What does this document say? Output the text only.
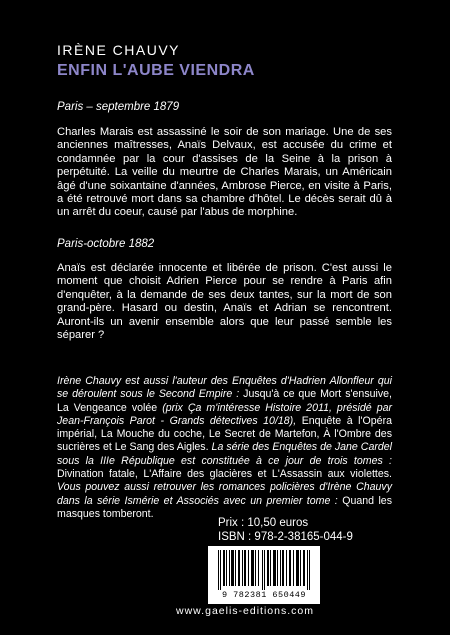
IRÈNE CHAUVY
ENFIN L'AUBE VIENDRA

Paris – septembre 1879

Charles Marais est assassiné le soir de son mariage. Une de ses anciennes maîtresses, Anaïs Delvaux, est accusée du crime et condamnée par la cour d'assises de la Seine à la prison à perpétuité. La veille du meurtre de Charles Marais, un Américain âgé d'une soixantaine d'années, Ambrose Pierce, en visite à Paris, a été retrouvé mort dans sa chambre d'hôtel. Le décès serait dû à un arrêt du coeur, causé par l'abus de morphine.

Paris-octobre 1882

Anaïs est déclarée innocente et libérée de prison. C'est aussi le moment que choisit Adrien Pierce pour se rendre à Paris afin d'enquêter, à la demande de ses deux tantes, sur la mort de son grand-père. Hasard ou destin, Anaïs et Adrian se rencontrent. Auront-ils un avenir ensemble alors que leur passé semble les séparer ?

Irène Chauvy est aussi l'auteur des Enquêtes d'Hadrien Allonfleur qui se déroulent sous le Second Empire : Jusqu'à ce que Mort s'ensuive, La Vengeance volée (prix Ça m'intéresse Histoire 2011, présidé par Jean-François Parot - Grands détectives 10/18), Enquête à l'Opéra impérial, La Mouche du coche, Le Secret de Martefon, À l'Ombre des sucrières et Le Sang des Aigles. La série des Enquêtes de Jane Cardel sous la IIIe République est constituée à ce jour de trois tomes : Divination fatale, L'Affaire des glacières et L'Assassin aux violettes. Vous pouvez aussi retrouver les romances policières d'Irène Chauvy dans la série Ismérie et Associés avec un premier tome : Quand les masques tomberont.

Prix : 10,50 euros
ISBN : 978-2-38165-044-9
9 782381 650449
www.gaelis-editions.com
